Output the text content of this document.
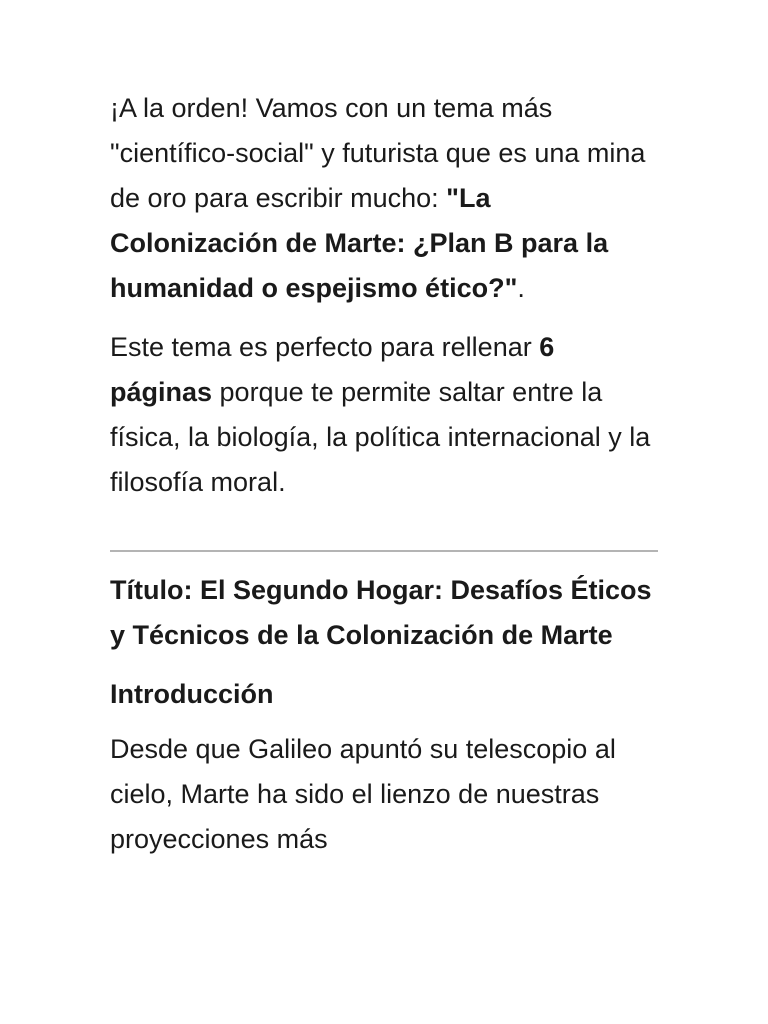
¡A la orden! Vamos con un tema más "científico-social" y futurista que es una mina de oro para escribir mucho: "La Colonización de Marte: ¿Plan B para la humanidad o espejismo ético?".

Este tema es perfecto para rellenar 6 páginas porque te permite saltar entre la física, la biología, la política internacional y la filosofía moral.

Título: El Segundo Hogar: Desafíos Éticos y Técnicos de la Colonización de Marte

Introducción

Desde que Galileo apuntó su telescopio al cielo, Marte ha sido el lienzo de nuestras proyecciones más
